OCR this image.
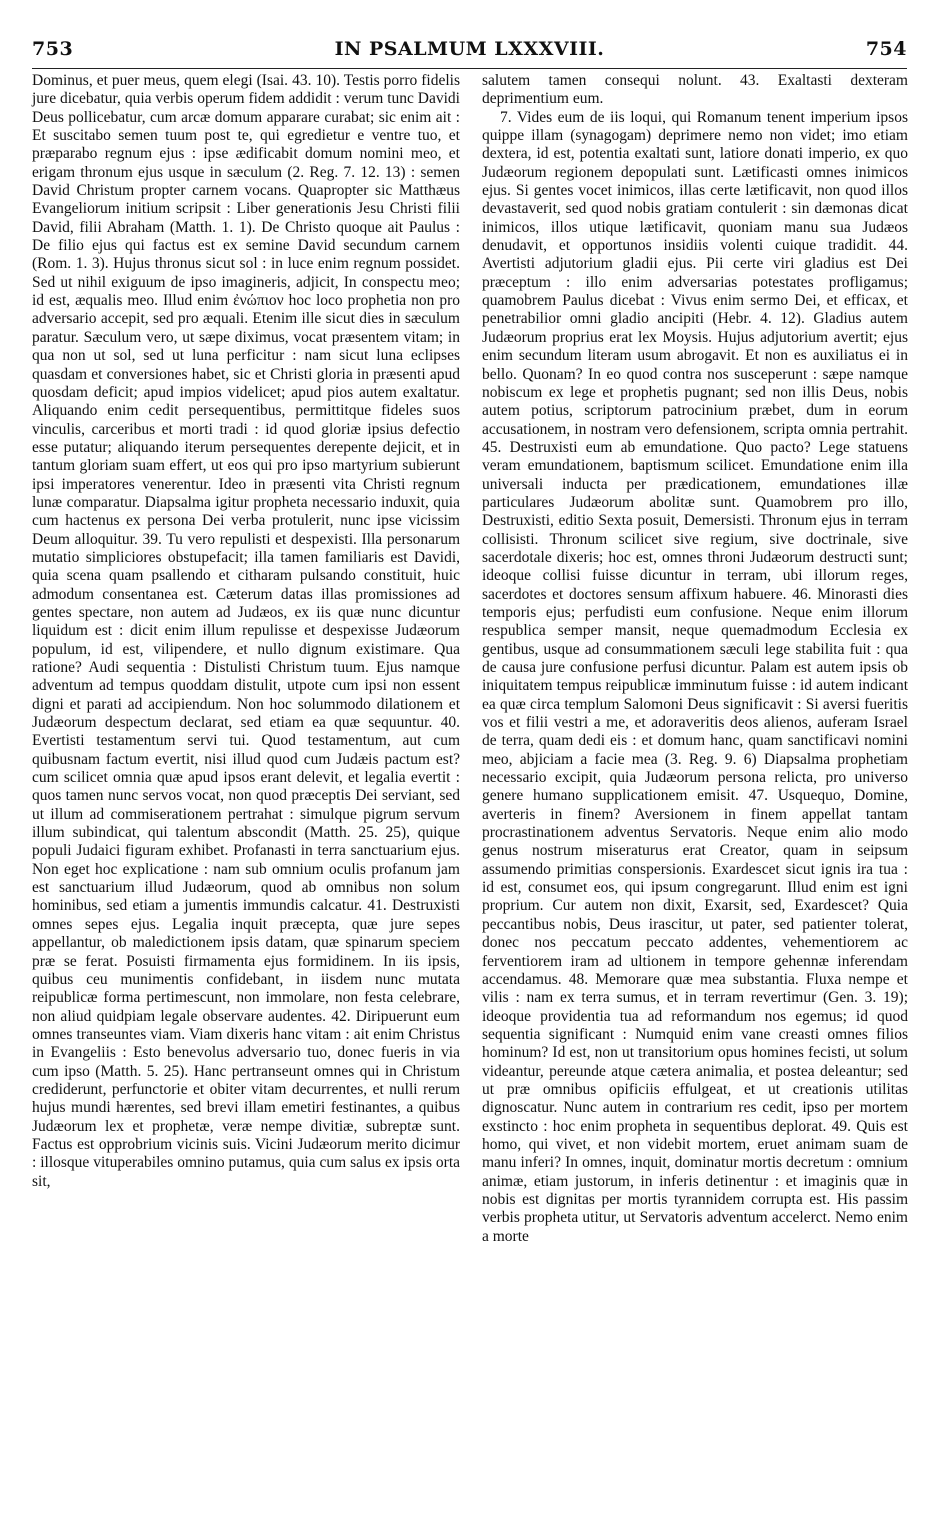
753	IN PSALMUM LXXXVIII.	754

Dominus, et puer meus, quem elegi (Isai. 43. 10). Testis porro fidelis jure dicebatur, quia verbis operum fidem addidit : verum tunc Davidi Deus pollicebatur, cum arcæ domum apparare curabat; sic enim ait : Et suscitabo semen tuum post te, qui egredietur e ventre tuo, et præparabo regnum ejus : ipse ædificabit domum nomini meo, et erigam thronum ejus usque in sæculum (2. Reg. 7. 12. 13) : semen David Christum propter carnem vocans. Quapropter sic Matthæus Evangeliorum initium scripsit : Liber generationis Jesu Christi filii David, filii Abraham (Matth. 1. 1). De Christo quoque ait Paulus : De filio ejus qui factus est ex semine David secundum carnem (Rom. 1. 3). Hujus thronus sicut sol : in luce enim regnum possidet. Sed ut nihil exiguum de ipso imagineris, adjicit, In conspectu meo; id est, æqualis meo. Illud enim ἐνώπιον hoc loco prophetia non pro adversario accepit, sed pro æquali. Etenim ille sicut dies in sæculum paratur. Sæculum vero, ut sæpe diximus, vocat præsentem vitam; in qua non ut sol, sed ut luna perficitur : nam sicut luna eclipses quasdam et conversiones habet, sic et Christi gloria in præsenti apud quosdam deficit; apud impios videlicet; apud pios autem exaltatur. Aliquando enim cedit persequentibus, permittitque fideles suos vinculis, carceribus et morti tradi : id quod gloriæ ipsius defectio esse putatur; aliquando iterum persequentes derepente dejicit, et in tantum gloriam suam effert, ut eos qui pro ipso martyrium subierunt ipsi imperatores venerentur. Ideo in præsenti vita Christi regnum lunæ comparatur. Diapsalma igitur propheta necessario induxit, quia cum hactenus ex persona Dei verba protulerit, nunc ipse vicissim Deum alloquitur. 39. Tu vero repulisti et despexisti. Illa personarum mutatio simpliciores obstupefacit; illa tamen familiaris est Davidi, quia scena quam psallendo et citharam pulsando constituit, huic admodum consentanea est. Cæterum datas illas promissiones ad gentes spectare, non autem ad Judæos, ex iis quæ nunc dicuntur liquidum est : dicit enim illum repulisse et despexisse Judæorum populum, id est, vilipendere, et nullo dignum existimare. Qua ratione? Audi sequentia : Distulisti Christum tuum. Ejus namque adventum ad tempus quoddam distulit, utpote cum ipsi non essent digni et parati ad accipiendum. Non hoc solummodo dilationem et Judæorum despectum declarat, sed etiam ea quæ sequuntur. 40. Evertisti testamentum servi tui. Quod testamentum, aut cum quibusnam factum evertit, nisi illud quod cum Judæis pactum est? cum scilicet omnia quæ apud ipsos erant delevit, et legalia evertit : quos tamen nunc servos vocat, non quod præceptis Dei serviant, sed ut illum ad commiserationem pertrahat : simulque pigrum servum illum subindicat, qui talentum abscondit (Matth. 25. 25), quique populi Judaici figuram exhibet. Profanasti in terra sanctuarium ejus. Non eget hoc explicatione : nam sub omnium oculis profanum jam est sanctuarium illud Judæorum, quod ab omnibus non solum hominibus, sed etiam a jumentis immundis calcatur. 41. Destruxisti omnes sepes ejus. Legalia inquit præcepta, quæ jure sepes appellantur, ob maledictionem ipsis datam, quæ spinarum speciem præ se ferat. Posuisti firmamenta ejus formidinem. In iis ipsis, quibus ceu munimentis confidebant, in iisdem nunc mutata reipublicæ forma pertimescunt, non immolare, non festa celebrare, non aliud quidpiam legale observare audentes. 42. Diripuerunt eum omnes transeuntes viam. Viam dixeris hanc vitam : ait enim Christus in Evangeliis : Esto benevolus adversario tuo, donec fueris in via cum ipso (Matth. 5. 25). Hanc pertranseunt omnes qui in Christum crediderunt, perfunctorie et obiter vitam decurrentes, et nulli rerum hujus mundi hærentes, sed brevi illam emetiri festinantes, a quibus Judæorum lex et prophetæ, veræ nempe divitiæ, subreptæ sunt. Factus est opprobrium vicinis suis. Vicini Judæorum merito dicimur : illosque vituperabiles omnino putamus, quia cum salus ex ipsis orta sit,

salutem tamen consequi nolunt. 43. Exaltasti dexteram deprimentium eum.

7. Vides eum de iis loqui, qui Romanum tenent imperium ipsos quippe illam (synagogam) deprimere nemo non videt; imo etiam dextera, id est, potentia exaltati sunt, latiore donati imperio, ex quo Judæorum regionem depopulati sunt. Lætificasti omnes inimicos ejus. Si gentes vocet inimicos, illas certe lætificavit, non quod illos devastaverit, sed quod nobis gratiam contulerit : sin dæmonas dicat inimicos, illos utique lætificavit, quoniam manu sua Judæos denudavit, et opportunos insidiis volenti cuique tradidit. 44. Avertisti adjutorium gladii ejus. Pii certe viri gladius est Dei præceptum : illo enim adversarias potestates profligamus; quamobrem Paulus dicebat : Vivus enim sermo Dei, et efficax, et penetrabilior omni gladio ancipiti (Hebr. 4. 12). Gladius autem Judæorum proprius erat lex Moysis. Hujus adjutorium avertit; ejus enim secundum literam usum abrogavit. Et non es auxiliatus ei in bello. Quonam? In eo quod contra nos susceperunt : sæpe namque nobiscum ex lege et prophetis pugnant; sed non illis Deus, nobis autem potius, scriptorum patrocinium præbet, dum in eorum accusationem, in nostram vero defensionem, scripta omnia pertrahit. 45. Destruxisti eum ab emundatione. Quo pacto? Lege statuens veram emundationem, baptismum scilicet. Emundatione enim illa universali inducta per prædicationem, emundationes illæ particulares Judæorum abolitæ sunt. Quamobrem pro illo, Destruxisti, editio Sexta posuit, Demersisti. Thronum ejus in terram collisisti. Thronum scilicet sive regium, sive doctrinale, sive sacerdotale dixeris; hoc est, omnes throni Judæorum destructi sunt; ideoque collisi fuisse dicuntur in terram, ubi illorum reges, sacerdotes et doctores sensum affixum habuere. 46. Minorasti dies temporis ejus; perfudisti eum confusione. Neque enim illorum respublica semper mansit, neque quemadmodum Ecclesia ex gentibus, usque ad consummationem sæculi lege stabilita fuit : qua de causa jure confusione perfusi dicuntur. Palam est autem ipsis ob iniquitatem tempus reipublicæ imminutum fuisse : id autem indicant ea quæ circa templum Salomoni Deus significavit : Si aversi fueritis vos et filii vestri a me, et adoraveritis deos alienos, auferam Israel de terra, quam dedi eis : et domum hanc, quam sanctificavi nomini meo, abjiciam a facie mea (3. Reg. 9. 6) Diapsalma prophetiam necessario excipit, quia Judæorum persona relicta, pro universo genere humano supplicationem emisit. 47. Usquequo, Domine, averteris in finem? Aversionem in finem appellat tantam procrastinationem adventus Servatoris. Neque enim alio modo genus nostrum miseraturus erat Creator, quam in seipsum assumendo primitias conspersionis. Exardescet sicut ignis ira tua : id est, consumet eos, qui ipsum congregarunt. Illud enim est igni proprium. Cur autem non dixit, Exarsit, sed, Exardescet? Quia peccantibus nobis, Deus irascitur, ut pater, sed patienter tolerat, donec nos peccatum peccato addentes, vehementiorem ac ferventiorem iram ad ultionem in tempore gehennæ inferendam accendamus. 48. Memorare quæ mea substantia. Fluxa nempe et vilis : nam ex terra sumus, et in terram revertimur (Gen. 3. 19); ideoque providentia tua ad reformandum nos egemus; id quod sequentia significant : Numquid enim vane creasti omnes filios hominum? Id est, non ut transitorium opus homines fecisti, ut solum videantur, pereunde atque cætera animalia, et postea deleantur; sed ut præ omnibus opificiis effulgeat, et ut creationis utilitas dignoscatur. Nunc autem in contrarium res cedit, ipso per mortem exstincto : hoc enim propheta in sequentibus deplorat. 49. Quis est homo, qui vivet, et non videbit mortem, eruet animam suam de manu inferi? In omnes, inquit, dominatur mortis decretum : omnium animæ, etiam justorum, in inferis detinentur : et imaginis quæ in nobis est dignitas per mortis tyrannidem corrupta est. His passim verbis propheta utitur, ut Servatoris adventum accelerct. Nemo enim a morte
